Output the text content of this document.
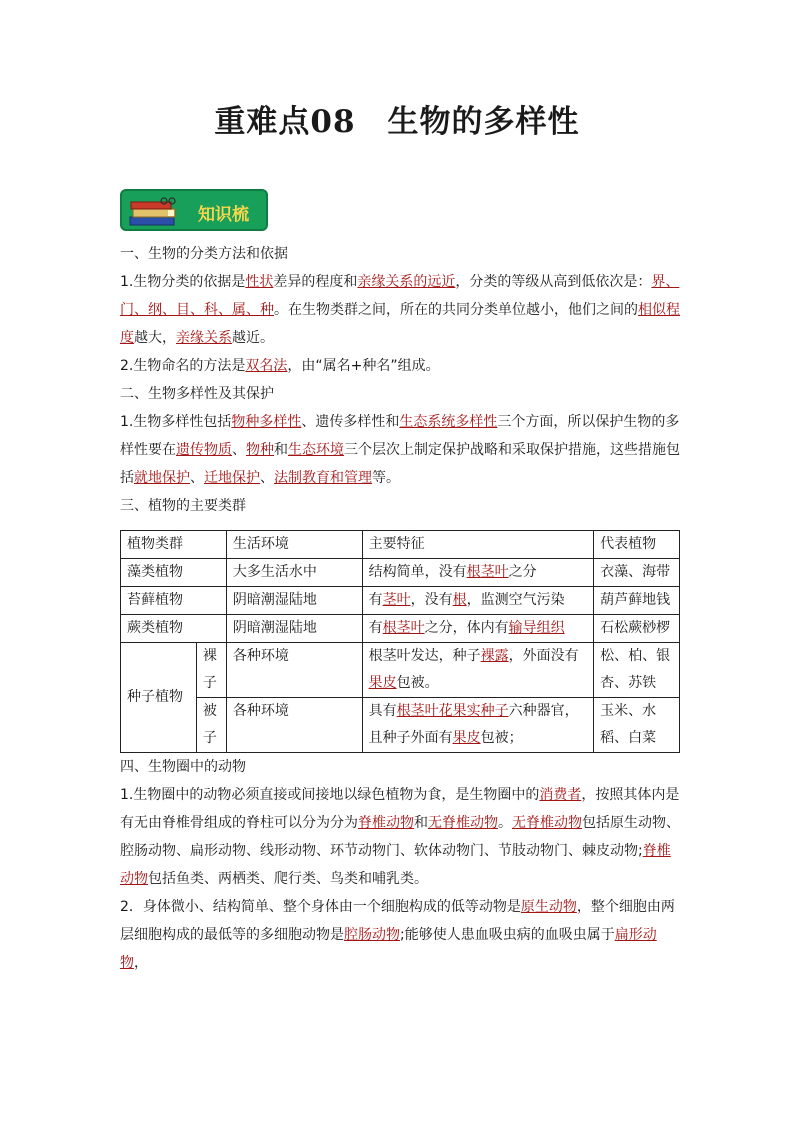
重难点08　生物的多样性
知识梳

一、生物的分类方法和依据

1.生物分类的依据是性状差异的程度和亲缘关系的远近，分类的等级从高到低依次是：界、门、纲、目、科、属、种。在生物类群之间，所在的共同分类单位越小，他们之间的相似程度越大，亲缘关系越近。

2.生物命名的方法是双名法，由“属名+种名”组成。

二、生物多样性及其保护

1.生物多样性包括物种多样性、遗传多样性和生态系统多样性三个方面，所以保护生物的多样性要在遗传物质、物种和生态环境三个层次上制定保护战略和采取保护措施，这些措施包括就地保护、迁地保护、法制教育和管理等。

三、植物的主要类群

植物类群		生活环境	主要特征	代表植物
藻类植物		大多生活水中	结构简单，没有根茎叶之分	衣藻、海带
苔藓植物		阴暗潮湿陆地	有茎叶，没有根，监测空气污染	葫芦藓地钱
蕨类植物		阴暗潮湿陆地	有根茎叶之分，体内有输导组织	石松蕨桫椤
种子植物	裸子	各种环境	根茎叶发达，种子裸露，外面没有果皮包被。	松、柏、银杏、苏铁
	被子	各种环境	具有根茎叶花果实种子六种器官，且种子外面有果皮包被；	玉米、水稻、白菜

四、生物圈中的动物

1.生物圈中的动物必须直接或间接地以绿色植物为食，是生物圈中的消费者，按照其体内是有无由脊椎骨组成的脊柱可以分为分为脊椎动物和无脊椎动物。无脊椎动物包括原生动物、腔肠动物、扁形动物、线形动物、环节动物门、软体动物门、节肢动物门、棘皮动物;脊椎动物包括鱼类、两栖类、爬行类、鸟类和哺乳类。

2．身体微小、结构简单、整个身体由一个细胞构成的低等动物是原生动物，整个细胞由两层细胞构成的最低等的多细胞动物是腔肠动物;能够使人患血吸虫病的血吸虫属于扁形动物，
